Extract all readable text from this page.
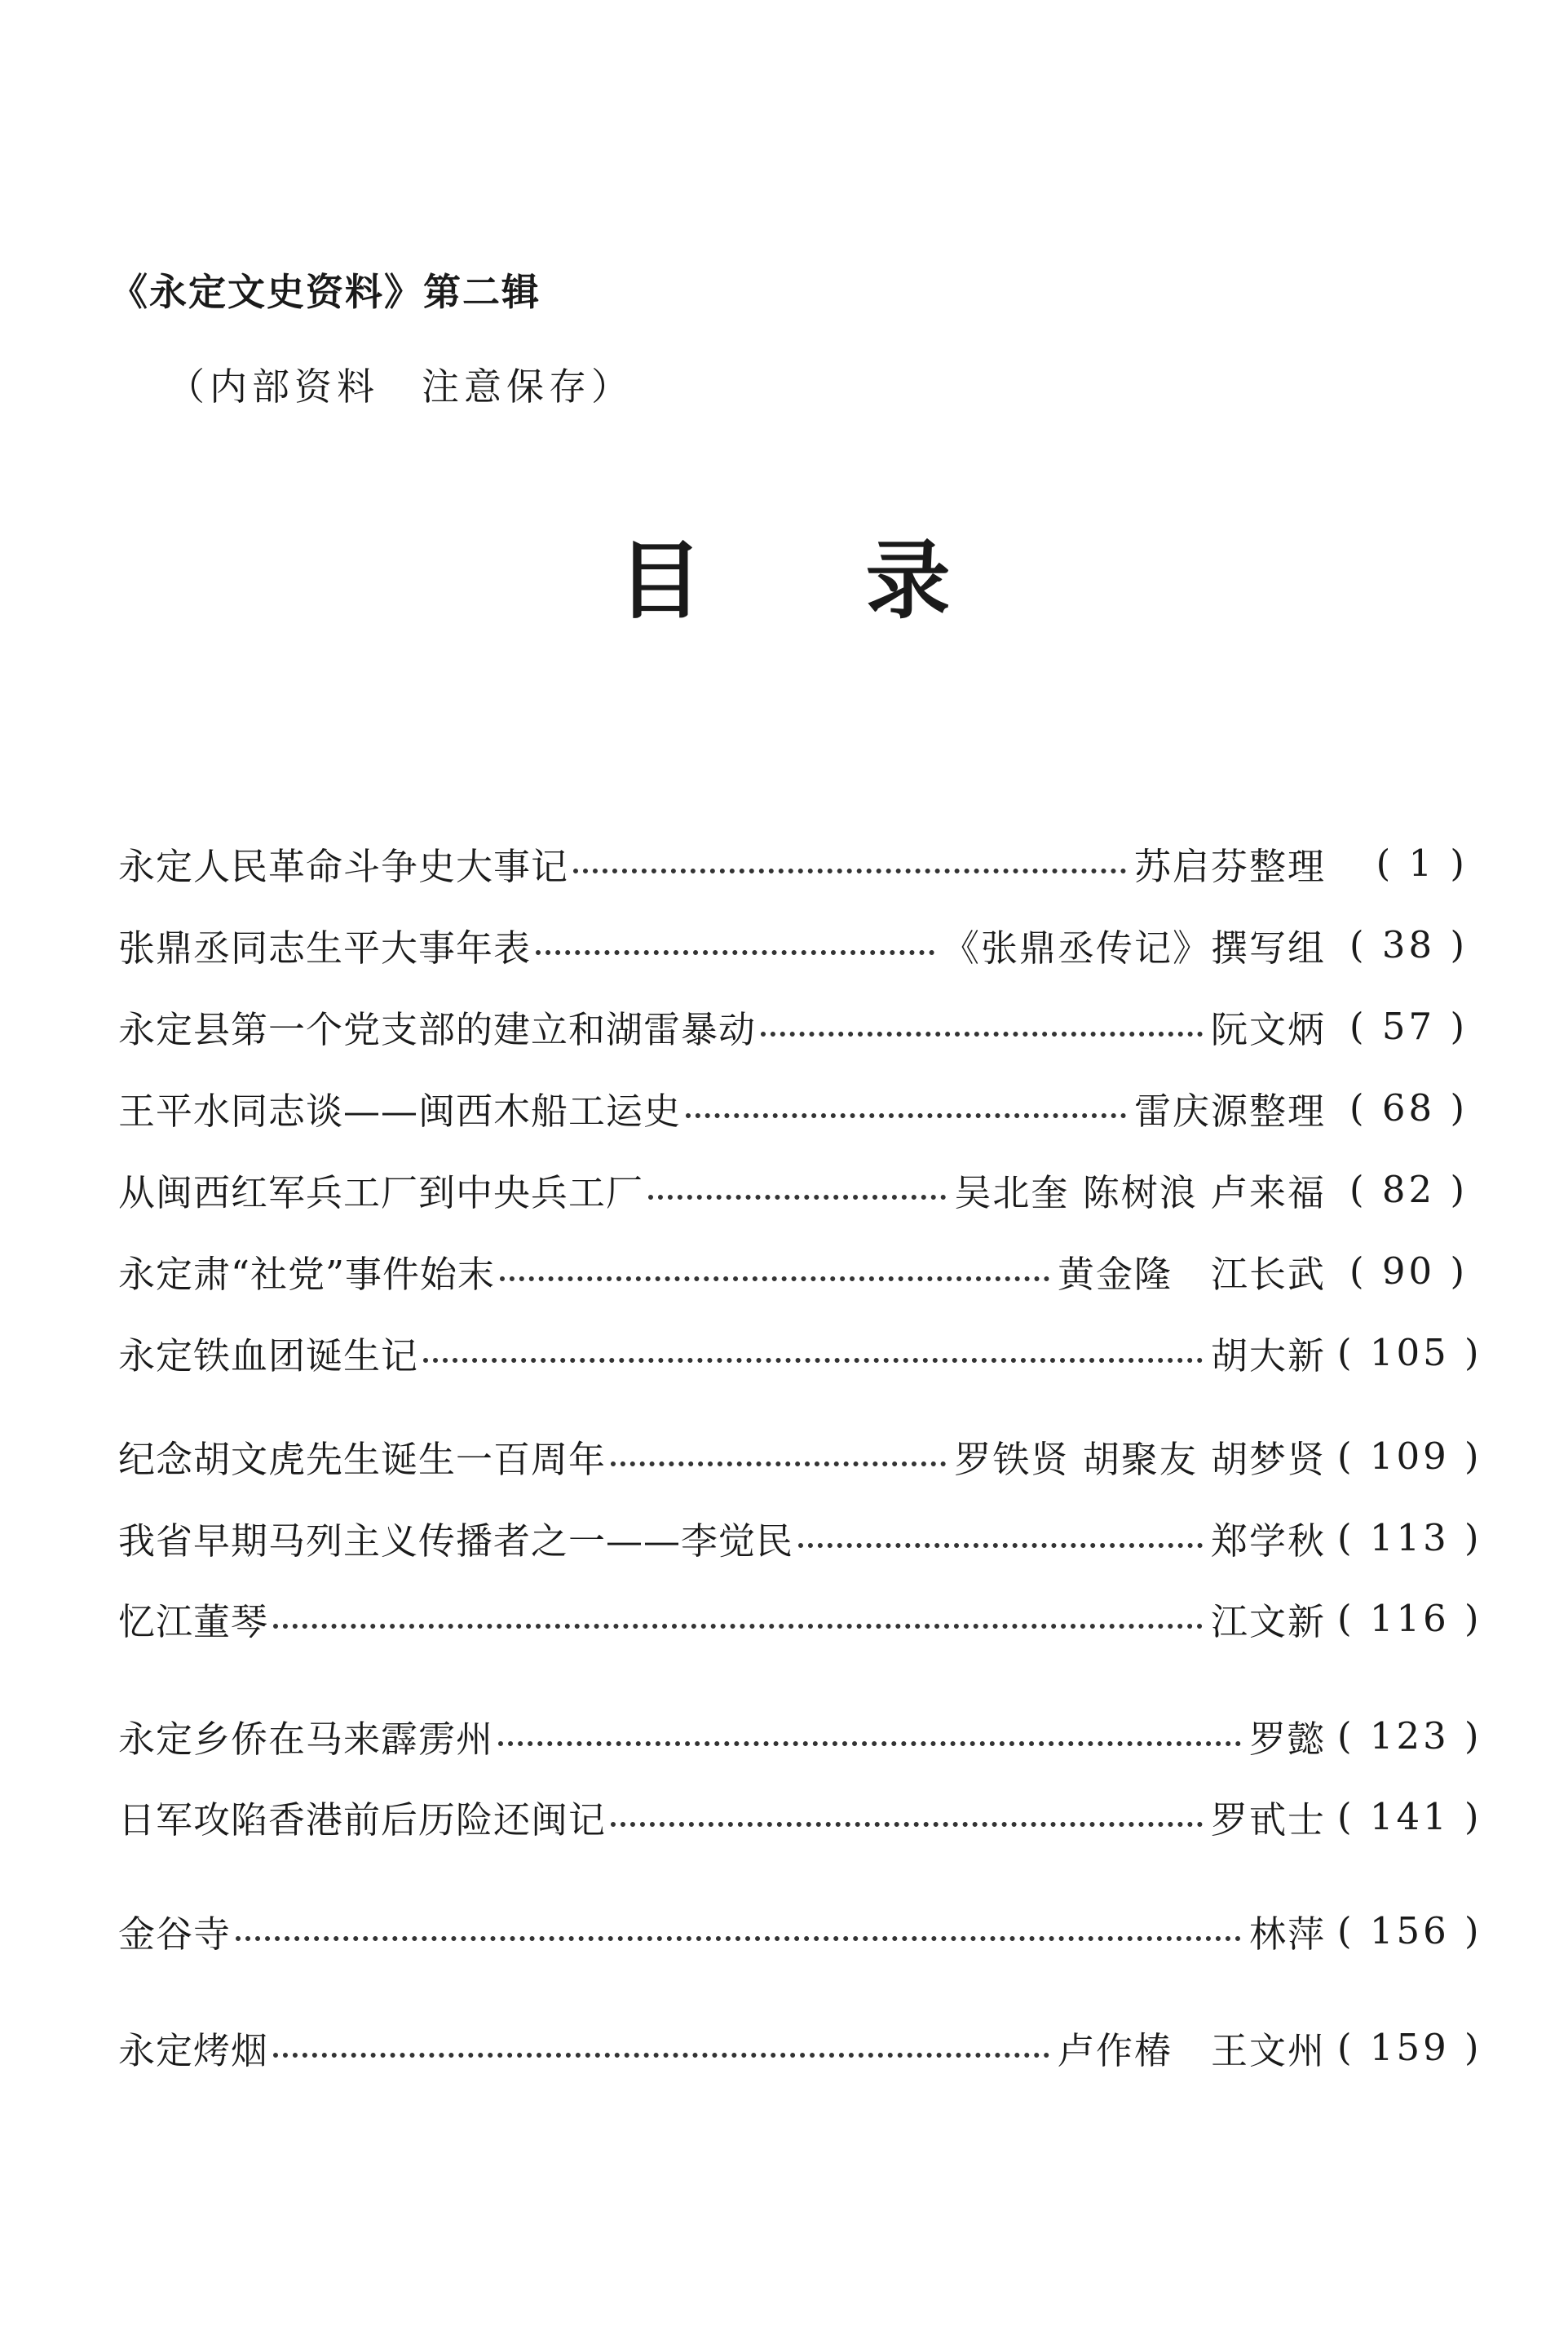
《永定文史资料》第二辑
（内部资料　注意保存）
目录
永定人民革命斗争史大事记	苏启芬整理	( 1 )
张鼎丞同志生平大事年表	《张鼎丞传记》撰写组 ( 38 )
永定县第一个党支部的建立和湖雷暴动	阮文炳 ( 57 )
王平水同志谈——闽西木船工运史	雷庆源整理 ( 68 )
从闽西红军兵工厂到中央兵工厂	吴北奎 陈树浪 卢来福 ( 82 )
永定肃“社党”事件始末	黄金隆　江长武 ( 90 )
永定铁血团诞生记	胡大新 ( 105 )
纪念胡文虎先生诞生一百周年	罗铁贤 胡聚友 胡梦贤 ( 109 )
我省早期马列主义传播者之一——李觉民	郑学秋 ( 113 )
忆江董琴	江文新 ( 116 )
永定乡侨在马来霹雳州	罗懿 ( 123 )
日军攻陷香港前后历险还闽记	罗甙士 ( 141 )
金谷寺	林萍 ( 156 )
永定烤烟	卢作椿　王文州 ( 159 )
